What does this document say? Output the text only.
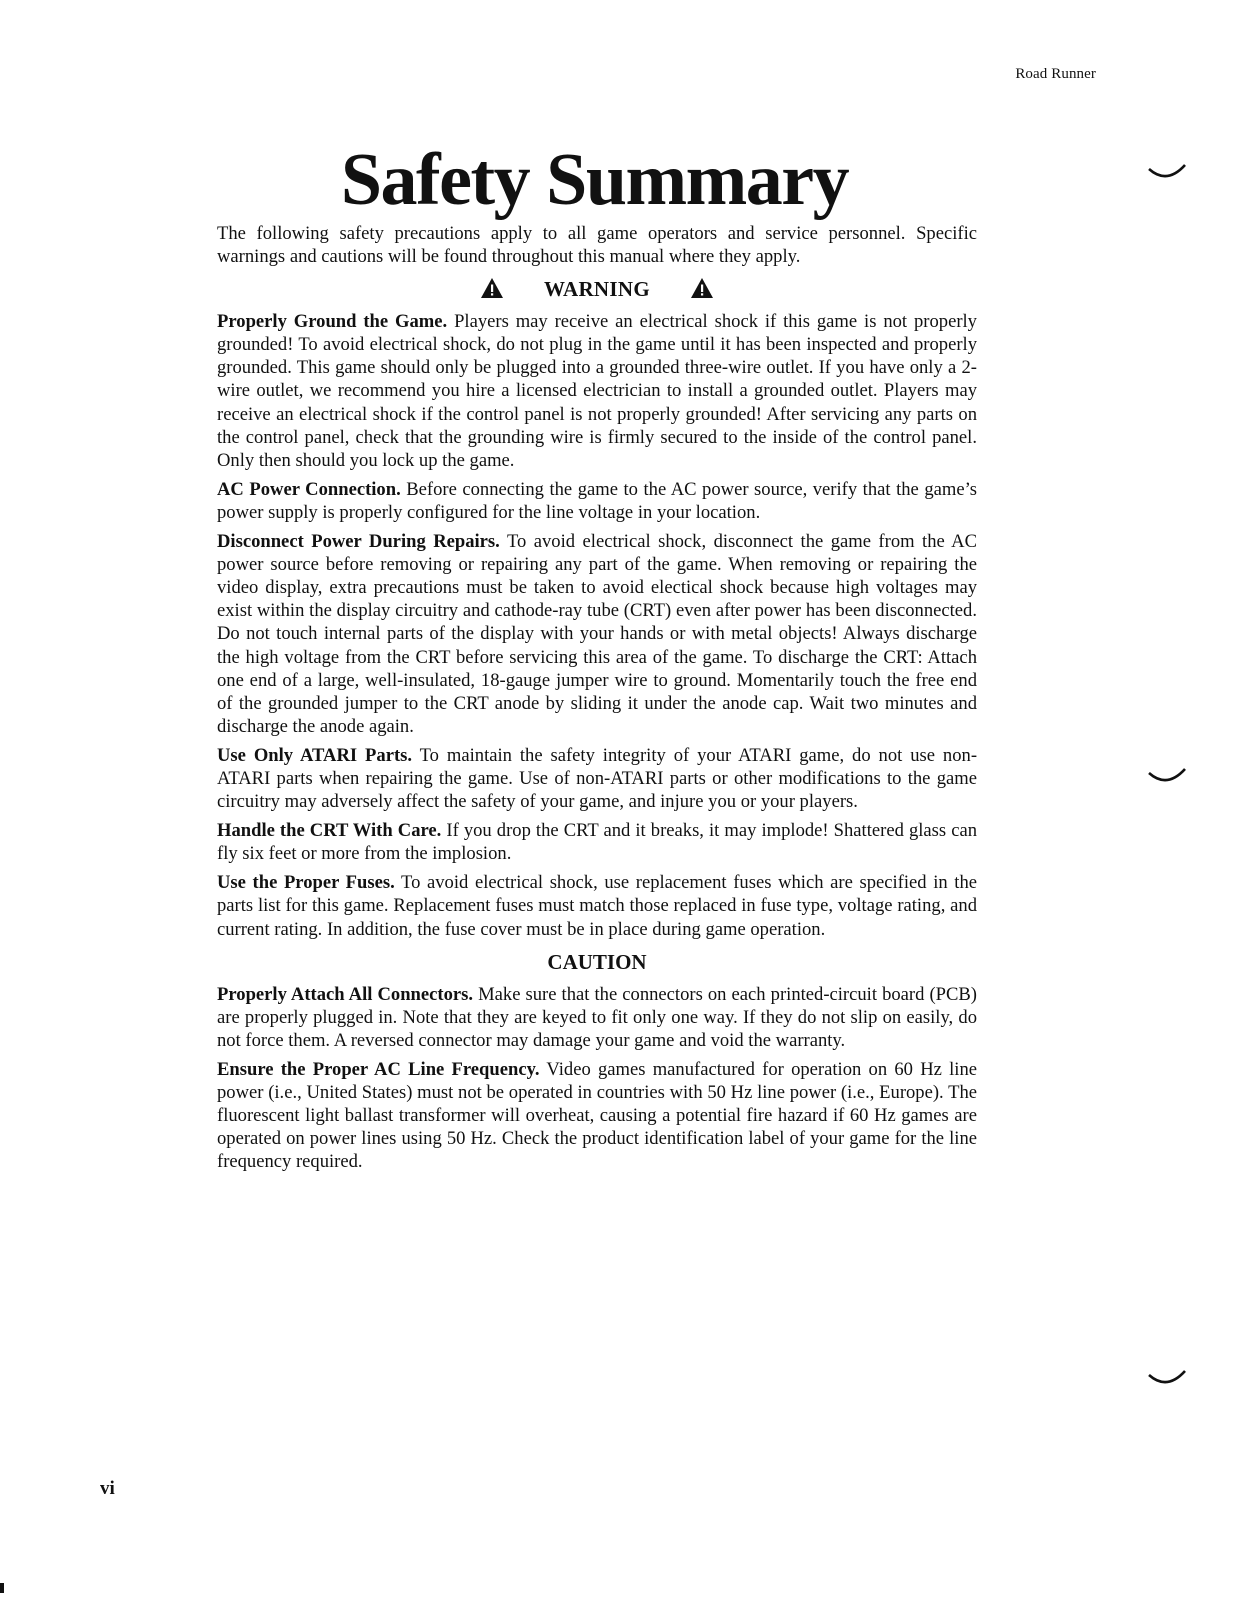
Road Runner
Safety Summary

The following safety precautions apply to all game operators and service personnel. Specific warnings and cautions will be found throughout this manual where they apply.

WARNING

Properly Ground the Game. Players may receive an electrical shock if this game is not properly grounded! To avoid electrical shock, do not plug in the game until it has been inspected and properly grounded. This game should only be plugged into a grounded three-wire outlet. If you have only a 2-wire outlet, we recommend you hire a licensed electrician to install a grounded outlet. Players may receive an electrical shock if the control panel is not properly grounded! After servicing any parts on the control panel, check that the grounding wire is firmly secured to the inside of the control panel. Only then should you lock up the game.

AC Power Connection. Before connecting the game to the AC power source, verify that the game’s power supply is properly configured for the line voltage in your location.

Disconnect Power During Repairs. To avoid electrical shock, disconnect the game from the AC power source before removing or repairing any part of the game. When removing or repairing the video display, extra precautions must be taken to avoid electical shock because high voltages may exist within the display circuitry and cathode-ray tube (CRT) even after power has been disconnected. Do not touch internal parts of the display with your hands or with metal objects! Always discharge the high voltage from the CRT before servicing this area of the game. To discharge the CRT: Attach one end of a large, well-insulated, 18-gauge jumper wire to ground. Momentarily touch the free end of the grounded jumper to the CRT anode by sliding it under the anode cap. Wait two minutes and discharge the anode again.

Use Only ATARI Parts. To maintain the safety integrity of your ATARI game, do not use non-ATARI parts when repairing the game. Use of non-ATARI parts or other modifications to the game circuitry may adversely affect the safety of your game, and injure you or your players.

Handle the CRT With Care. If you drop the CRT and it breaks, it may implode! Shattered glass can fly six feet or more from the implosion.

Use the Proper Fuses. To avoid electrical shock, use replacement fuses which are specified in the parts list for this game. Replacement fuses must match those replaced in fuse type, voltage rating, and current rating. In addition, the fuse cover must be in place during game operation.

CAUTION

Properly Attach All Connectors. Make sure that the connectors on each printed-circuit board (PCB) are properly plugged in. Note that they are keyed to fit only one way. If they do not slip on easily, do not force them. A reversed connector may damage your game and void the warranty.

Ensure the Proper AC Line Frequency. Video games manufactured for operation on 60 Hz line power (i.e., United States) must not be operated in countries with 50 Hz line power (i.e., Europe). The fluorescent light ballast transformer will overheat, causing a potential fire hazard if 60 Hz games are operated on power lines using 50 Hz. Check the product identification label of your game for the line frequency required.

vi
